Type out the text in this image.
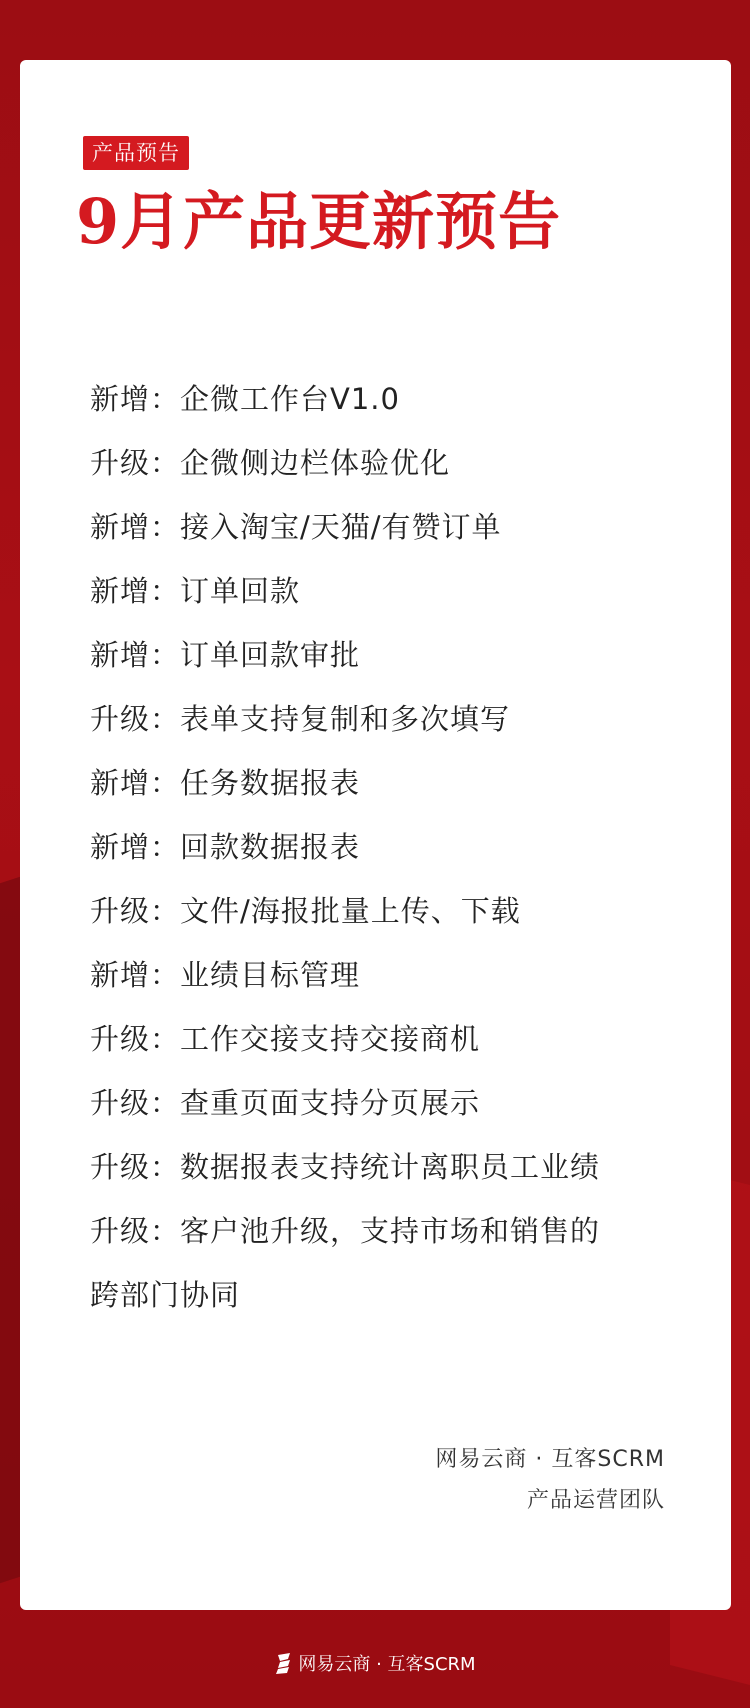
产品预告
9月产品更新预告
新增：企微工作台V1.0
升级：企微侧边栏体验优化
新增：接入淘宝/天猫/有赞订单
新增：订单回款
新增：订单回款审批
升级：表单支持复制和多次填写
新增：任务数据报表
新增：回款数据报表
升级：文件/海报批量上传、下载
新增：业绩目标管理
升级：工作交接支持交接商机
升级：查重页面支持分页展示
升级：数据报表支持统计离职员工业绩
升级：客户池升级，支持市场和销售的
跨部门协同
网易云商 · 互客SCRM
产品运营团队
网易云商 · 互客SCRM
